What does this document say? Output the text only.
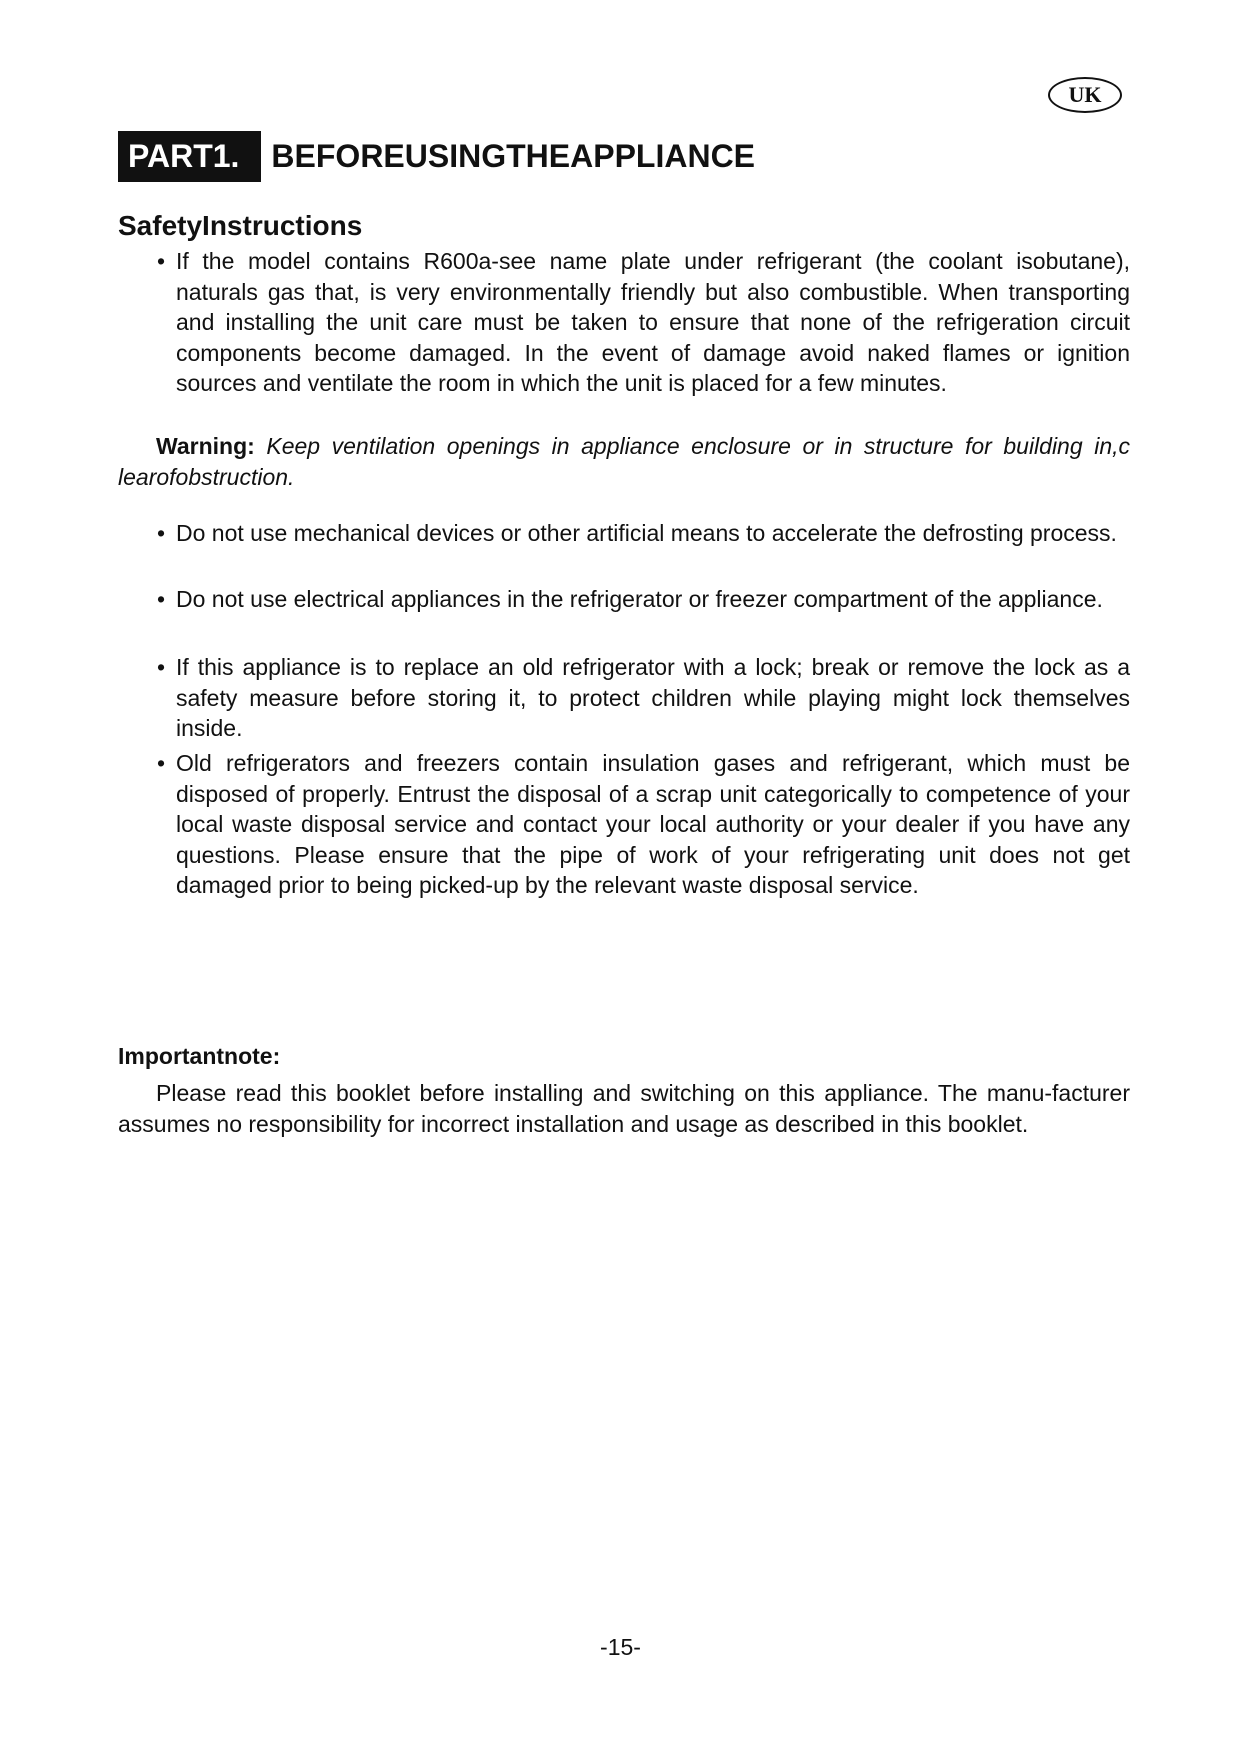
UK
PART1.	BEFOREUSINGTHEAPPLIANCE
SafetyInstructions
• If the model contains R600a-see name plate under refrigerant (the coolant isobutane), naturals gas that, is very environmentally friendly but also combustible. When transporting and installing the unit care must be taken to ensure that none of the refrigeration circuit components become damaged. In the event of damage avoid naked flames or ignition sources and ventilate the room in which the unit is placed for a few minutes.
Warning: Keep ventilation openings in appliance enclosure or in structure for building in,c learofobstruction.
• Do not use mechanical devices or other artificial means to accelerate the defrosting process.
• Do not use electrical appliances in the refrigerator or freezer compartment of the appliance.
• If this appliance is to replace an old refrigerator with a lock; break or remove the lock as a safety measure before storing it, to protect children while playing might lock themselves inside.
• Old refrigerators and freezers contain insulation gases and refrigerant, which must be disposed of properly. Entrust the disposal of a scrap unit categorically to competence of your local waste disposal service and contact your local authority or your dealer if you have any questions. Please ensure that the pipe of work of your refrigerating unit does not get damaged prior to being picked-up by the relevant waste disposal service.
Importantnote:
Please read this booklet before installing and switching on this appliance. The manu-facturer assumes no responsibility for incorrect installation and usage as described in this booklet.
-15-
